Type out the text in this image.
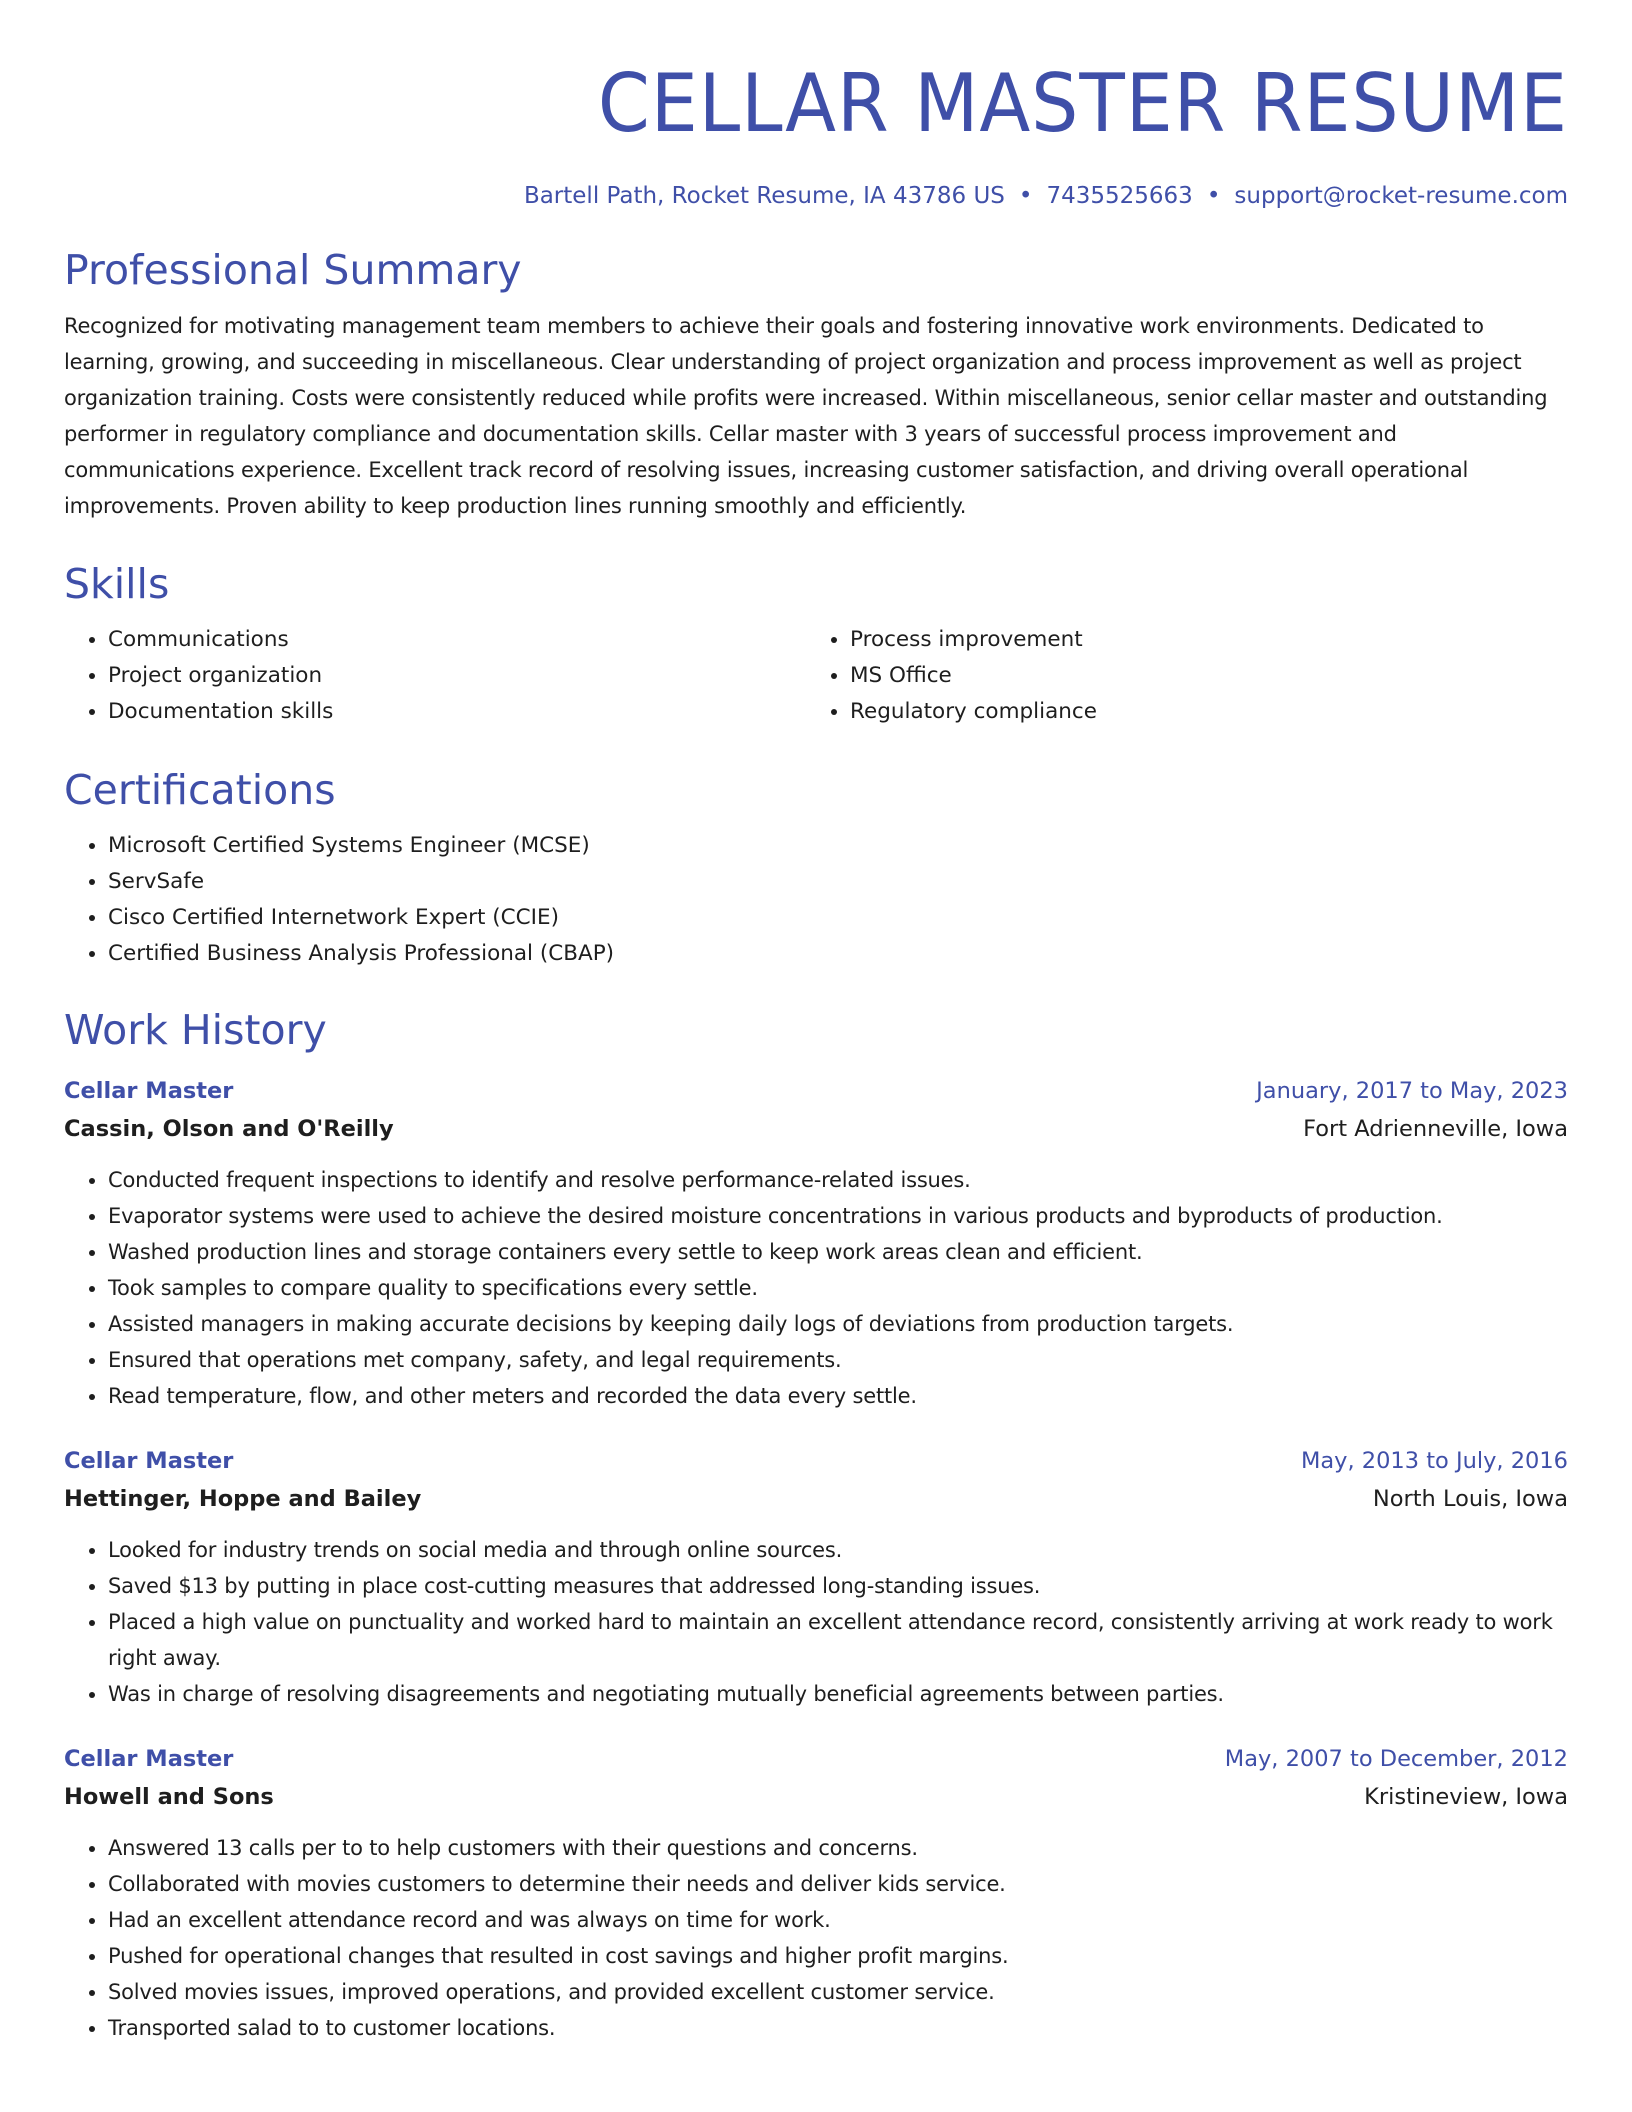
CELLAR MASTER RESUME
Bartell Path, Rocket Resume, IA 43786 US • 7435525663 • support@rocket-resume.com
Professional Summary
Recognized for motivating management team members to achieve their goals and fostering innovative work environments. Dedicated to learning, growing, and succeeding in miscellaneous. Clear understanding of project organization and process improvement as well as project organization training. Costs were consistently reduced while profits were increased. Within miscellaneous, senior cellar master and outstanding performer in regulatory compliance and documentation skills. Cellar master with 3 years of successful process improvement and communications experience. Excellent track record of resolving issues, increasing customer satisfaction, and driving overall operational improvements. Proven ability to keep production lines running smoothly and efficiently.
Skills
• Communications
• Project organization
• Documentation skills
• Process improvement
• MS Office
• Regulatory compliance
Certifications
• Microsoft Certified Systems Engineer (MCSE)
• ServSafe
• Cisco Certified Internetwork Expert (CCIE)
• Certified Business Analysis Professional (CBAP)
Work History
Cellar Master	January, 2017 to May, 2023
Cassin, Olson and O'Reilly	Fort Adrienneville, Iowa
• Conducted frequent inspections to identify and resolve performance-related issues.
• Evaporator systems were used to achieve the desired moisture concentrations in various products and byproducts of production.
• Washed production lines and storage containers every settle to keep work areas clean and efficient.
• Took samples to compare quality to specifications every settle.
• Assisted managers in making accurate decisions by keeping daily logs of deviations from production targets.
• Ensured that operations met company, safety, and legal requirements.
• Read temperature, flow, and other meters and recorded the data every settle.
Cellar Master	May, 2013 to July, 2016
Hettinger, Hoppe and Bailey	North Louis, Iowa
• Looked for industry trends on social media and through online sources.
• Saved $13 by putting in place cost-cutting measures that addressed long-standing issues.
• Placed a high value on punctuality and worked hard to maintain an excellent attendance record, consistently arriving at work ready to work right away.
• Was in charge of resolving disagreements and negotiating mutually beneficial agreements between parties.
Cellar Master	May, 2007 to December, 2012
Howell and Sons	Kristineview, Iowa
• Answered 13 calls per to to help customers with their questions and concerns.
• Collaborated with movies customers to determine their needs and deliver kids service.
• Had an excellent attendance record and was always on time for work.
• Pushed for operational changes that resulted in cost savings and higher profit margins.
• Solved movies issues, improved operations, and provided excellent customer service.
• Transported salad to to customer locations.
